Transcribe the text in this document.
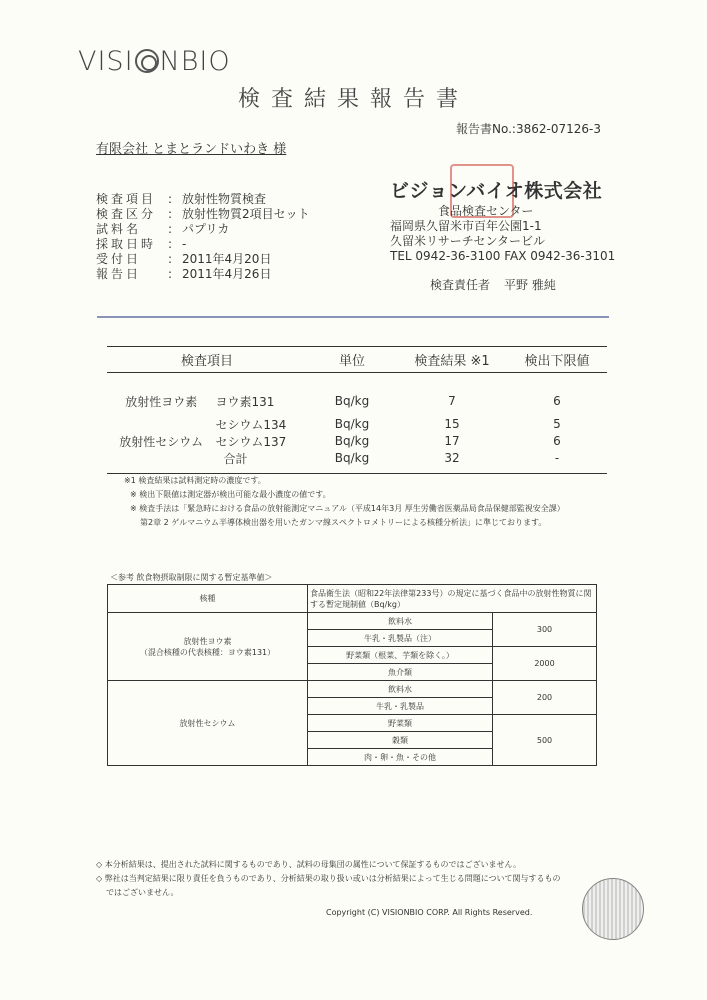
VISI NBIO
検査結果報告書
報告書No.:3862-07126-3
有限会社 とまとランドいわき 様
検査項目 : 放射性物質検査
検査区分 : 放射性物質2項目セット
試料名	: パプリカ
採取日時 : -
受付日	: 2011年4月20日
報告日	: 2011年4月26日
ビジョンバイオ株式会社
食品検査センター
福岡県久留米市百年公園1-1
久留米リサーチセンタービル
TEL 0942-36-3100 FAX 0942-36-3101
検査責任者 平野 雅純
検査項目		単位	検査結果 ※1	検出下限値

放射性ヨウ素	ヨウ素131	Bq/kg	7	6

	セシウム134	Bq/kg	15	5
放射性セシウム	セシウム137	Bq/kg	17	6
	合計	Bq/kg	32	-
※1 検査結果は試料測定時の濃度です。
※ 検出下限値は測定器が検出可能な最小濃度の値です。
※ 検査手法は「緊急時における食品の放射能測定マニュアル（平成14年3月 厚生労働省医薬品局食品保健部監視安全課）
第2章 2 ゲルマニウム半導体検出器を用いたガンマ線スペクトロメトリーによる核種分析法」に準じております。
＜参考 飲食物摂取制限に関する暫定基準値＞
核種	食品衛生法（昭和22年法律第233号）の規定に基づく食品中の放射性物質に関する暫定規制値（Bq/kg）	

放射性ヨウ素
（混合核種の代表核種：ヨウ素131）	飲料水	300
	牛乳・乳製品（注）	
	野菜類（根菜、芋類を除く。）	2000
	魚介類	
放射性セシウム	飲料水	200
	牛乳・乳製品	
	野菜類	500
	穀類	
	肉・卵・魚・その他	
◇ 本分析結果は、提出された試料に関するものであり、試料の母集団の属性について保証するものではございません。
◇ 弊社は当判定結果に限り責任を負うものであり、分析結果の取り扱い或いは分析結果によって生じる問題について関与するもの
ではございません。
Copyright (C) VISIONBIO CORP. All Rights Reserved.
